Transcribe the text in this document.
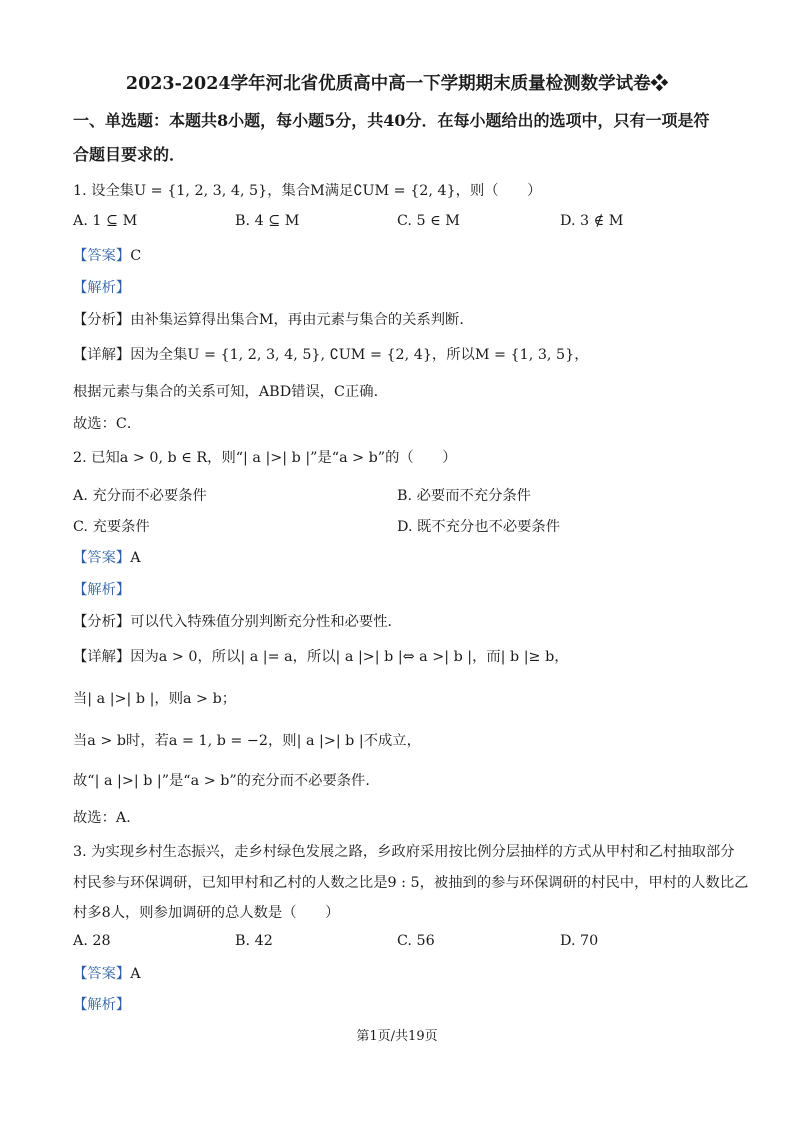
2023-2024学年河北省优质高中高一下学期期末质量检测数学试卷❖
一、单选题：本题共8小题，每小题5分，共40分．在每小题给出的选项中，只有一项是符
合题目要求的．
1. 设全集U = {1, 2, 3, 4, 5}，集合M满足∁UM = {2, 4}，则（　　）
A. 1 ⊆ M	B. 4 ⊆ M	C. 5 ∈ M	D. 3 ∉ M
【答案】C
【解析】
【分析】由补集运算得出集合M，再由元素与集合的关系判断．
【详解】因为全集U = {1, 2, 3, 4, 5}, ∁UM = {2, 4}，所以M = {1, 3, 5}，
根据元素与集合的关系可知，ABD错误，C正确．
故选：C．
2. 已知a > 0, b ∈ R，则“| a |>| b |”是“a > b”的（　　）
A. 充分而不必要条件	B. 必要而不充分条件
C. 充要条件	D. 既不充分也不必要条件
【答案】A
【解析】
【分析】可以代入特殊值分别判断充分性和必要性．
【详解】因为a > 0，所以| a |= a，所以| a |>| b |⇔ a >| b |，而| b |≥ b，
当| a |>| b |，则a > b；
当a > b时，若a = 1, b = −2，则| a |>| b |不成立，
故“| a |>| b |”是“a > b”的充分而不必要条件．
故选：A．
3. 为实现乡村生态振兴，走乡村绿色发展之路，乡政府采用按比例分层抽样的方式从甲村和乙村抽取部分
村民参与环保调研，已知甲村和乙村的人数之比是9 : 5，被抽到的参与环保调研的村民中，甲村的人数比乙
村多8人，则参加调研的总人数是（　　）
A. 28	B. 42	C. 56	D. 70
【答案】A
【解析】
第1页/共19页
